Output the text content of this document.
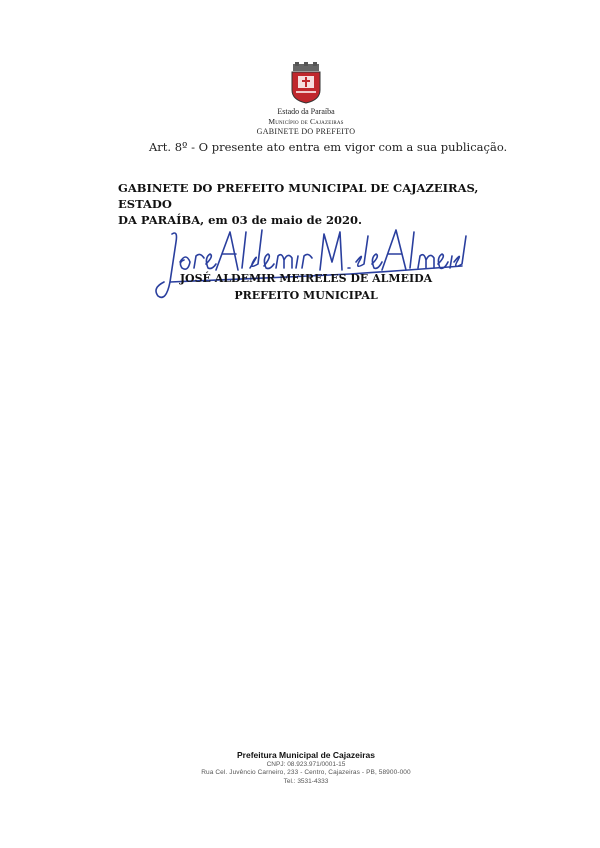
Estado da Paraíba
Município de Cajazeiras
GABINETE DO PREFEITO
Art. 8º - O presente ato entra em vigor com a sua publicação.
GABINETE DO PREFEITO MUNICIPAL DE CAJAZEIRAS, ESTADO
DA PARAÍBA, em 03 de maio de 2020.
JOSÉ ALDEMIR MEIRELES DE ALMEIDA
PREFEITO MUNICIPAL
Prefeitura Municipal de Cajazeiras
CNPJ: 08.923.971/0001-15
Rua Cel. Juvêncio Carneiro, 233 - Centro, Cajazeiras - PB, 58900-000
Tel.: 3531-4333
